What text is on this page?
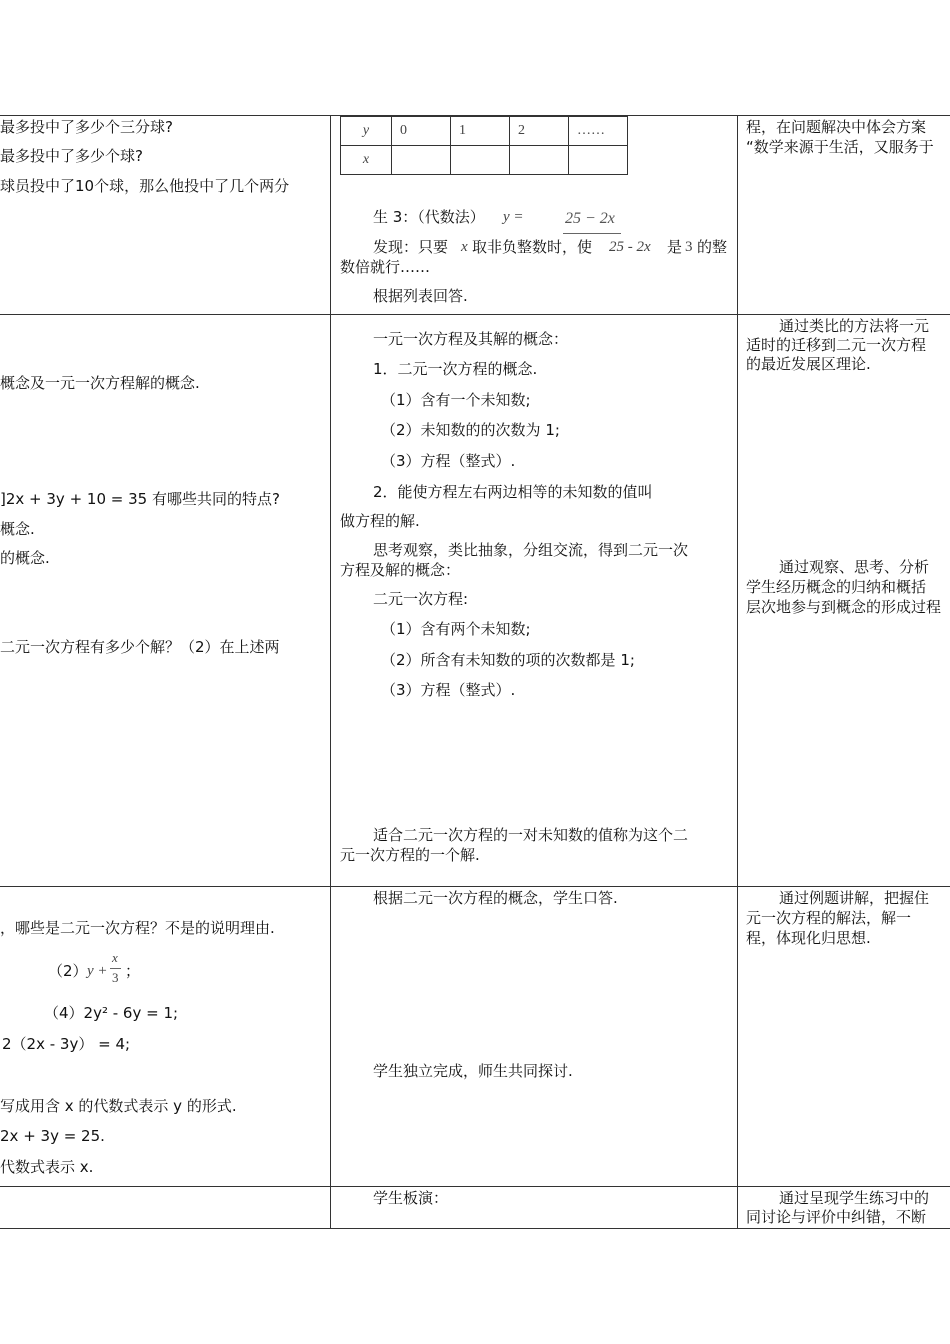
最多投中了多少个三分球?
最多投中了多少个球?
球员投中了10个球，那么他投中了几个两分
y	0	1	2	……
x				
生 3：（代数法） y =	25 − 2x
发现：只要 x 取非负整数时，使 25 - 2x 是 3 的整
数倍就行……
根据列表回答.
程，在问题解决中体会方案
“数学来源于生活，又服务于
概念及一元一次方程解的概念.
]2x + 3y + 10 = 35 有哪些共同的特点?
概念.
的概念.
二元一次方程有多少个解？（2）在上述两
一元一次方程及其解的概念：
1．二元一次方程的概念.
（1）含有一个未知数;
（2）未知数的的次数为 1;
（3）方程（整式）.
2．能使方程左右两边相等的未知数的值叫
做方程的解.
思考观察，类比抽象，分组交流，得到二元一次
方程及解的概念：
二元一次方程:
（1）含有两个未知数;
（2）所含有未知数的项的次数都是 1;
（3）方程（整式）.
适合二元一次方程的一对未知数的值称为这个二
元一次方程的一个解.
通过类比的方法将一元
适时的迁移到二元一次方程
的最近发展区理论.
通过观察、思考、分析
学生经历概念的归纳和概括
层次地参与到概念的形成过程
，哪些是二元一次方程？不是的说明理由.
（2） y +
x
3 ；
（4）2y² - 6y = 1;
2（2x - 3y） = 4;
写成用含 x 的代数式表示 y 的形式.
2x + 3y = 25.
代数式表示 x.
根据二元一次方程的概念，学生口答.
学生独立完成，师生共同探讨.
通过例题讲解，把握住
元一次方程的解法，解一
程，体现化归思想.
学生板演：	通过呈现学生练习中的
同讨论与评价中纠错，不断
